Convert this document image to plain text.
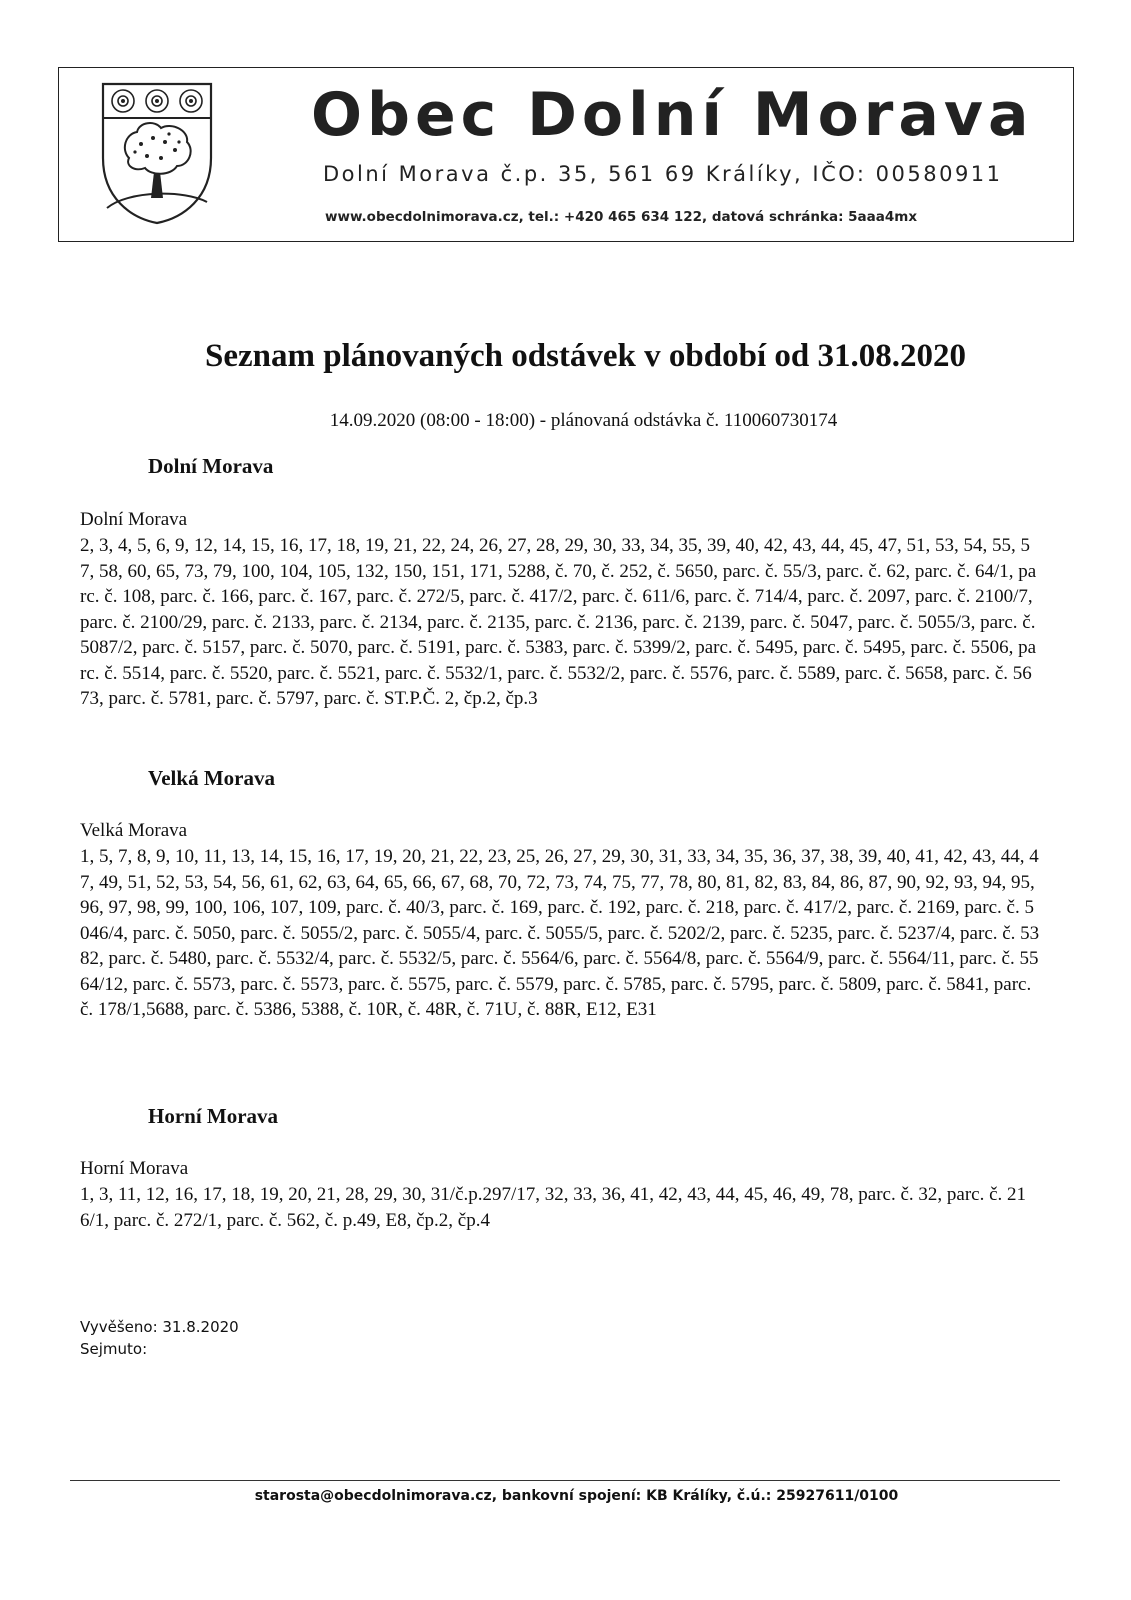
Obec Dolní Morava
Dolní Morava č.p. 35, 561 69 Králíky, IČO: 00580911
www.obecdolnimorava.cz, tel.: +420 465 634 122, datová schránka: 5aaa4mx
Seznam plánovaných odstávek v období od 31.08.2020
14.09.2020 (08:00 - 18:00) - plánovaná odstávka č. 110060730174
Dolní Morava
Dolní Morava
2, 3, 4, 5, 6, 9, 12, 14, 15, 16, 17, 18, 19, 21, 22, 24, 26, 27, 28, 29, 30, 33, 34, 35, 39, 40, 42, 43, 44, 45, 47, 51, 53, 54, 55, 57, 58, 60, 65, 73, 79, 100, 104, 105, 132, 150, 151, 171, 5288, č. 70, č. 252, č. 5650, parc. č. 55/3, parc. č. 62, parc. č. 64/1, parc. č. 108, parc. č. 166, parc. č. 167, parc. č. 272/5, parc. č. 417/2, parc. č. 611/6, parc. č. 714/4, parc. č. 2097, parc. č. 2100/7, parc. č. 2100/29, parc. č. 2133, parc. č. 2134, parc. č. 2135, parc. č. 2136, parc. č. 2139, parc. č. 5047, parc. č. 5055/3, parc. č. 5087/2, parc. č. 5157, parc. č. 5070, parc. č. 5191, parc. č. 5383, parc. č. 5399/2, parc. č. 5495, parc. č. 5495, parc. č. 5506, parc. č. 5514, parc. č. 5520, parc. č. 5521, parc. č. 5532/1, parc. č. 5532/2, parc. č. 5576, parc. č. 5589, parc. č. 5658, parc. č. 5673, parc. č. 5781, parc. č. 5797, parc. č. ST.P.Č. 2, čp.2, čp.3
Velká Morava
Velká Morava
1, 5, 7, 8, 9, 10, 11, 13, 14, 15, 16, 17, 19, 20, 21, 22, 23, 25, 26, 27, 29, 30, 31, 33, 34, 35, 36, 37, 38, 39, 40, 41, 42, 43, 44, 47, 49, 51, 52, 53, 54, 56, 61, 62, 63, 64, 65, 66, 67, 68, 70, 72, 73, 74, 75, 77, 78, 80, 81, 82, 83, 84, 86, 87, 90, 92, 93, 94, 95, 96, 97, 98, 99, 100, 106, 107, 109, parc. č. 40/3, parc. č. 169, parc. č. 192, parc. č. 218, parc. č. 417/2, parc. č. 2169, parc. č. 5046/4, parc. č. 5050, parc. č. 5055/2, parc. č. 5055/4, parc. č. 5055/5, parc. č. 5202/2, parc. č. 5235, parc. č. 5237/4, parc. č. 5382, parc. č. 5480, parc. č. 5532/4, parc. č. 5532/5, parc. č. 5564/6, parc. č. 5564/8, parc. č. 5564/9, parc. č. 5564/11, parc. č. 5564/12, parc. č. 5573, parc. č. 5573, parc. č. 5575, parc. č. 5579, parc. č. 5785, parc. č. 5795, parc. č. 5809, parc. č. 5841, parc. č. 178/1,5688, parc. č. 5386, 5388, č. 10R, č. 48R, č. 71U, č. 88R, E12, E31
Horní Morava
Horní Morava
1, 3, 11, 12, 16, 17, 18, 19, 20, 21, 28, 29, 30, 31/č.p.297/17, 32, 33, 36, 41, 42, 43, 44, 45, 46, 49, 78, parc. č. 32, parc. č. 216/1, parc. č. 272/1, parc. č. 562, č. p.49, E8, čp.2, čp.4
Vyvěšeno: 31.8.2020
Sejmuto:
starosta@obecdolnimorava.cz, bankovní spojení: KB Králíky, č.ú.: 25927611/0100
